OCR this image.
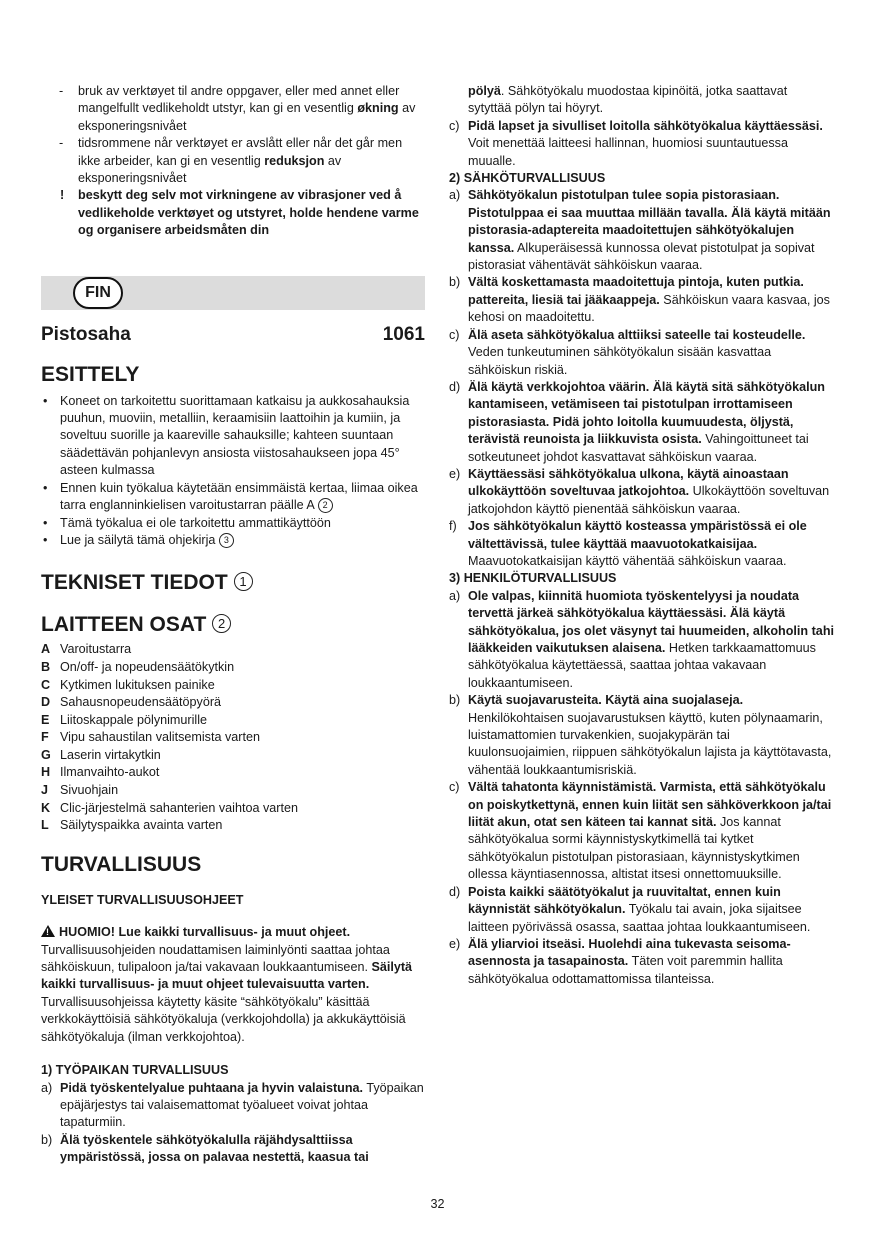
- bruk av verktøyet til andre oppgaver, eller med annet eller mangelfullt vedlikeholdt utstyr, kan gi en vesentlig økning av eksponeringsnivået
- tidsrommene når verktøyet er avslått eller når det går men ikke arbeider, kan gi en vesentlig reduksjon av eksponeringsnivået
! beskytt deg selv mot virkningene av vibrasjoner ved å vedlikeholde verktøyet og utstyret, holde hendene varme og organisere arbeidsmåten din
FIN
Pistosaha	1061
ESITTELY
• Koneet on tarkoitettu suorittamaan katkaisu ja aukkosahauksia puuhun, muoviin, metalliin, keraamisiin laattoihin ja kumiin, ja soveltuu suorille ja kaareville sahauksille; kahteen suuntaan säädettävän pohjanlevyn ansiosta viistosahaukseen jopa 45° asteen kulmassa
• Ennen kuin työkalua käytetään ensimmäistä kertaa, liimaa oikea tarra englanninkielisen varoitustarran päälle A 2
• Tämä työkalua ei ole tarkoitettu ammattikäyttöön
• Lue ja säilytä tämä ohjekirja 3
TEKNISET TIEDOT 1
LAITTEEN OSAT 2
A Varoitustarra
B On/off- ja nopeudensäätökytkin
C Kytkimen lukituksen painike
D Sahausnopeudensäätöpyörä
E Liitoskappale pölynimurille
F Vipu sahaustilan valitsemista varten
G Laserin virtakytkin
H Ilmanvaihto-aukot
J Sivuohjain
K Clic-järjestelmä sahanterien vaihtoa varten
L Säilytyspaikka avainta varten
TURVALLISUUS
YLEISET TURVALLISUUSOHJEET
!HUOMIO! Lue kaikki turvallisuus- ja muut ohjeet. Turvallisuusohjeiden noudattamisen laiminlyönti saattaa johtaa sähköiskuun, tulipaloon ja/tai vakavaan loukkaantumiseen. Säilytä kaikki turvallisuus- ja muut ohjeet tulevaisuutta varten. Turvallisuusohjeissa käytetty käsite “sähkötyökalu” käsittää verkkokäyttöisiä sähkötyökaluja (verkkojohdolla) ja akkukäyttöisiä sähkötyökaluja (ilman verkkojohtoa).
1) TYÖPAIKAN TURVALLISUUS
a) Pidä työskentelyalue puhtaana ja hyvin valaistuna. Työpaikan epäjärjestys tai valaisemattomat työalueet voivat johtaa tapaturmiin.
b) Älä työskentele sähkötyökalulla räjähdysalttiissa ympäristössä, jossa on palavaa nestettä, kaasua tai
pölyä. Sähkötyökalu muodostaa kipinöitä, jotka saattavat sytyttää pölyn tai höyryt.
c) Pidä lapset ja sivulliset loitolla sähkötyökalua käyttäessäsi. Voit menettää laitteesi hallinnan, huomiosi suuntautuessa muualle.
2) SÄHKÖTURVALLISUUS
a) Sähkötyökalun pistotulpan tulee sopia pistorasiaan. Pistotulppaa ei saa muuttaa millään tavalla. Älä käytä mitään pistorasia-adaptereita maadoitettujen sähkötyökalujen kanssa. Alkuperäisessä kunnossa olevat pistotulpat ja sopivat pistorasiat vähentävät sähköiskun vaaraa.
b) Vältä koskettamasta maadoitettuja pintoja, kuten putkia. pattereita, liesiä tai jääkaappeja. Sähköiskun vaara kasvaa, jos kehosi on maadoitettu.
c) Älä aseta sähkötyökalua alttiiksi sateelle tai kosteudelle. Veden tunkeutuminen sähkötyökalun sisään kasvattaa sähköiskun riskiä.
d) Älä käytä verkkojohtoa väärin. Älä käytä sitä sähkötyökalun kantamiseen, vetämiseen tai pistotulpan irrottamiseen pistorasiasta. Pidä johto loitolla kuumuudesta, öljystä, terävistä reunoista ja liikkuvista osista. Vahingoittuneet tai sotkeutuneet johdot kasvattavat sähköiskun vaaraa.
e) Käyttäessäsi sähkötyökalua ulkona, käytä ainoastaan ulkokäyttöön soveltuvaa jatkojohtoa. Ulkokäyttöön soveltuvan jatkojohdon käyttö pienentää sähköiskun vaaraa.
f) Jos sähkötyökalun käyttö kosteassa ympäristössä ei ole vältettävissä, tulee käyttää maavuotokatkaisijaa. Maavuotokatkaisijan käyttö vähentää sähköiskun vaaraa.
3) HENKILÖTURVALLISUUS
a) Ole valpas, kiinnitä huomiota työskentelyysi ja noudata tervettä järkeä sähkötyökalua käyttäessäsi. Älä käytä sähkötyökalua, jos olet väsynyt tai huumeiden, alkoholin tahi lääkkeiden vaikutuksen alaisena. Hetken tarkkaamattomuus sähkötyökalua käytettäessä, saattaa johtaa vakavaan loukkaantumiseen.
b) Käytä suojavarusteita. Käytä aina suojalaseja. Henkilökohtaisen suojavarustuksen käyttö, kuten pölynaamarin, luistamattomien turvakenkien, suojakypärän tai kuulonsuojaimien, riippuen sähkötyökalun lajista ja käyttötavasta, vähentää loukkaantumisriskiä.
c) Vältä tahatonta käynnistämistä. Varmista, että sähkötyökalu on poiskytkettynä, ennen kuin liität sen sähköverkkoon ja/tai liität akun, otat sen käteen tai kannat sitä. Jos kannat sähkötyökalua sormi käynnistyskytkimellä tai kytket sähkötyökalun pistotulpan pistorasiaan, käynnistyskytkimen ollessa käyntiasennossa, altistat itsesi onnettomuuksille.
d) Poista kaikki säätötyökalut ja ruuvitaltat, ennen kuin käynnistät sähkötyökalun. Työkalu tai avain, joka sijaitsee laitteen pyörivässä osassa, saattaa johtaa loukkaantumiseen.
e) Älä yliarvioi itseäsi. Huolehdi aina tukevasta seisoma-asennosta ja tasapainosta. Täten voit paremmin hallita sähkötyökalua odottamattomissa tilanteissa.
32
